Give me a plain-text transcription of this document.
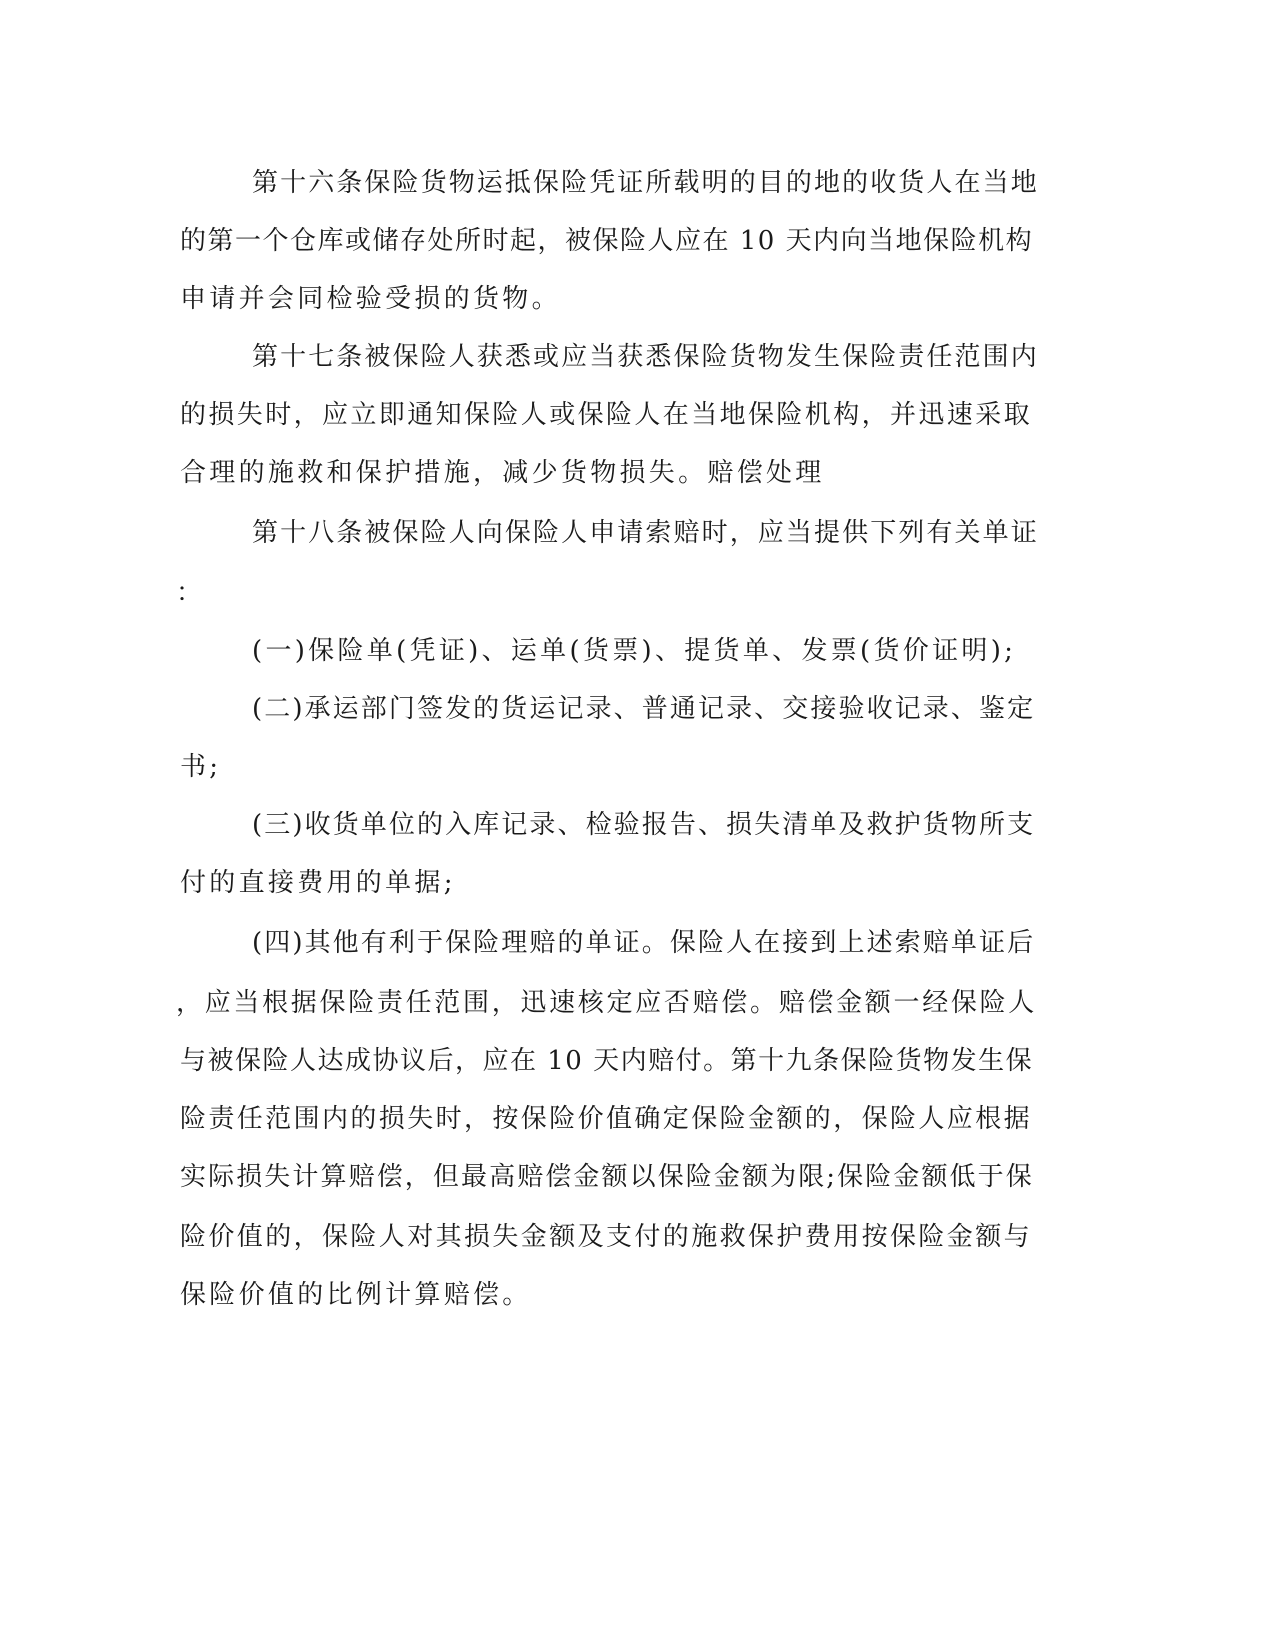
第十六条保险货物运抵保险凭证所载明的目的地的收货人在当地
的第一个仓库或储存处所时起，被保险人应在 10 天内向当地保险机构
申请并会同检验受损的货物。
第十七条被保险人获悉或应当获悉保险货物发生保险责任范围内
的损失时，应立即通知保险人或保险人在当地保险机构，并迅速采取
合理的施救和保护措施，减少货物损失。赔偿处理
第十八条被保险人向保险人申请索赔时，应当提供下列有关单证
：
(一)保险单(凭证)、运单(货票)、提货单、发票(货价证明);
(二)承运部门签发的货运记录、普通记录、交接验收记录、鉴定
书;
(三)收货单位的入库记录、检验报告、损失清单及救护货物所支
付的直接费用的单据;
(四)其他有利于保险理赔的单证。保险人在接到上述索赔单证后
，应当根据保险责任范围，迅速核定应否赔偿。赔偿金额一经保险人
与被保险人达成协议后，应在 10 天内赔付。第十九条保险货物发生保
险责任范围内的损失时，按保险价值确定保险金额的，保险人应根据
实际损失计算赔偿，但最高赔偿金额以保险金额为限;保险金额低于保
险价值的，保险人对其损失金额及支付的施救保护费用按保险金额与
保险价值的比例计算赔偿。
